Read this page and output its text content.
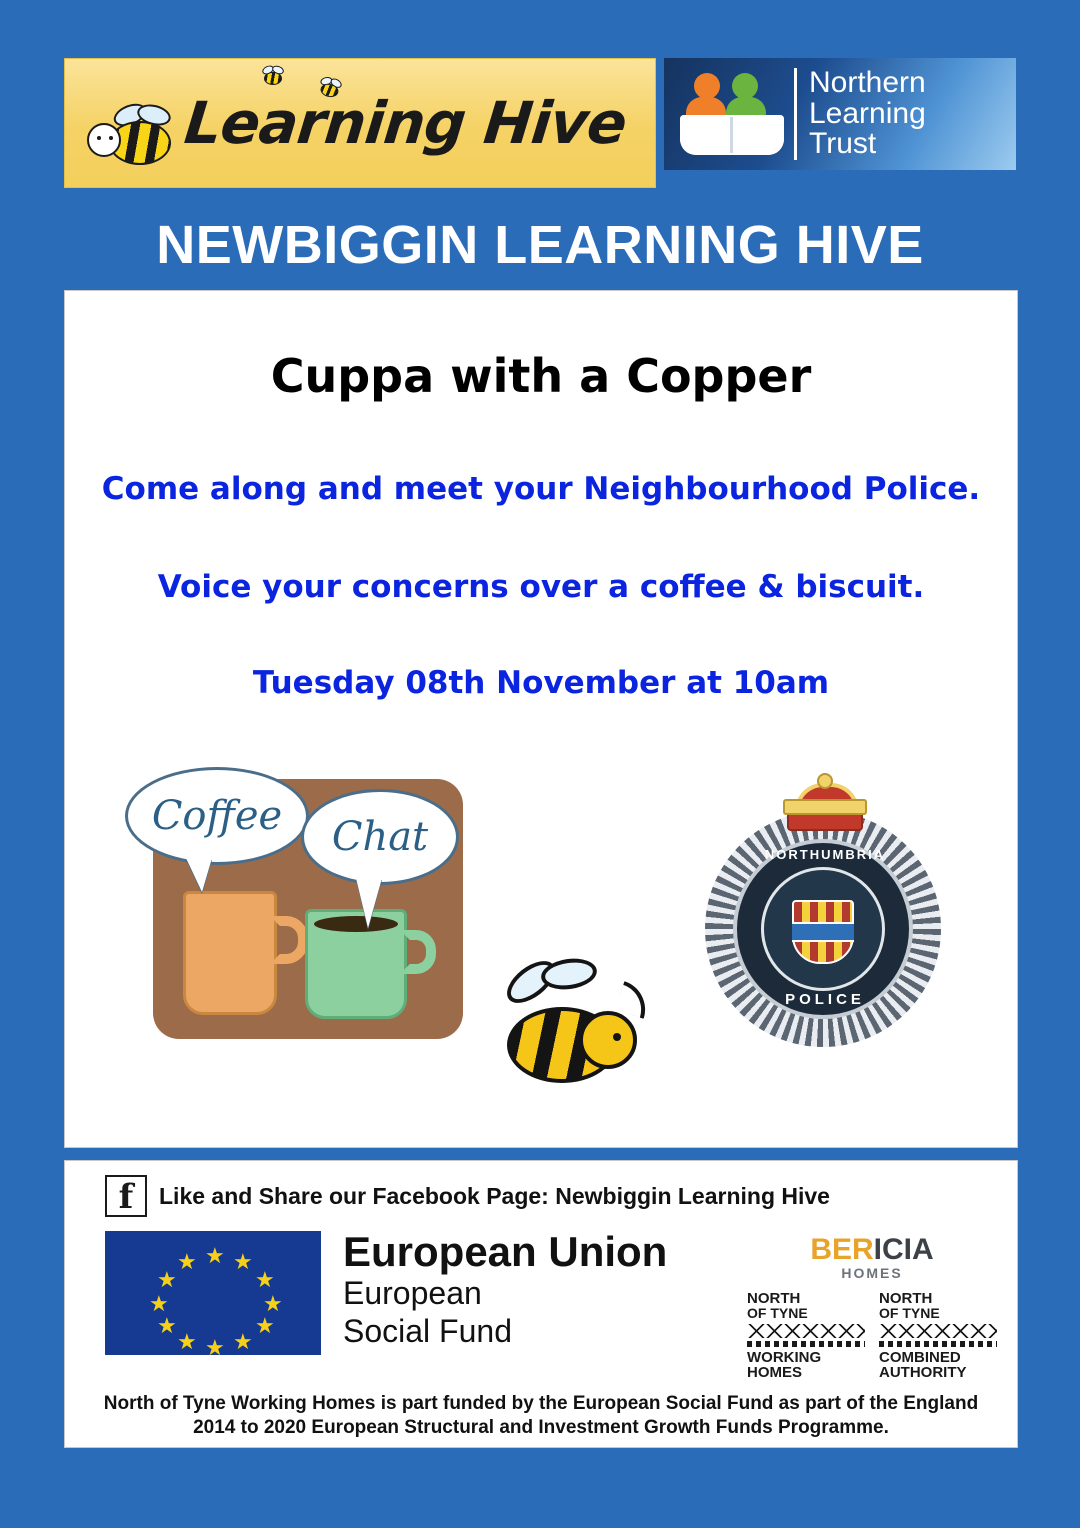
Learning Hive
Northern
Learning
Trust
NEWBIGGIN LEARNING HIVE
Cuppa with a Copper
Come along and meet your Neighbourhood Police.
Voice your concerns over a coffee & biscuit.
Tuesday 08th November at 10am
Coffee	Chat	NORTHUMBRIA
POLICE
f	Like and Share our Facebook Page: Newbiggin Learning Hive
★ ★
★
★
★
★
★
★
★
★
★
★	European Union
European
Social Fund
BERICIA
HOMES
NORTH
OF TYNE
WORKING
HOMES
NORTH
OF TYNE
COMBINED
AUTHORITY
North of Tyne Working Homes is part funded by the European Social Fund as part of the England 2014 to 2020 European Structural and Investment Growth Funds Programme.
